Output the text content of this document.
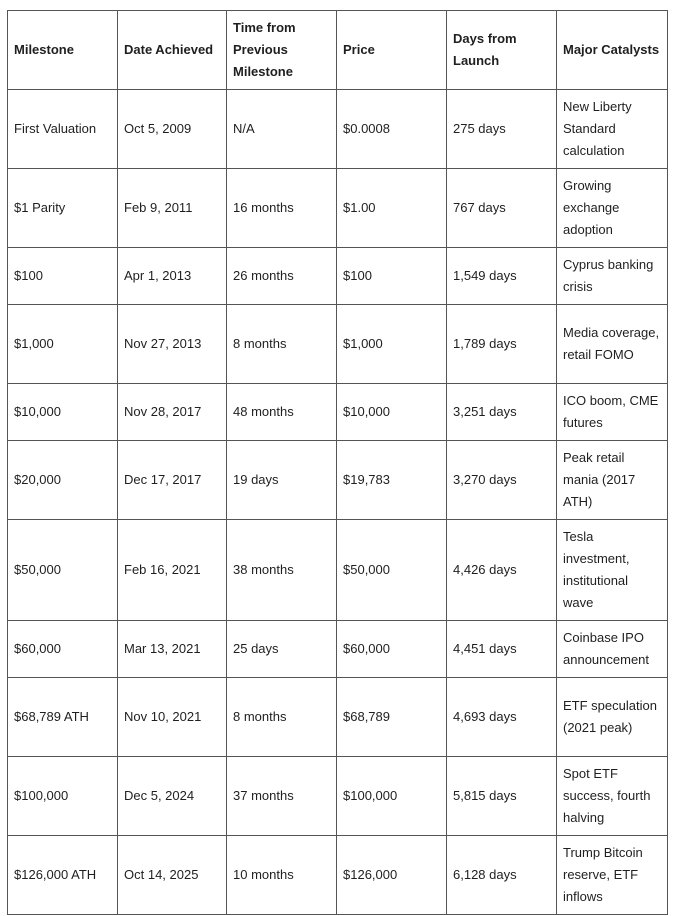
Milestone	Date Achieved	Time from Previous Milestone	Price	Days from Launch	Major Catalysts
First Valuation	Oct 5, 2009	N/A	$0.0008	275 days	New Liberty Standard calculation
$1 Parity	Feb 9, 2011	16 months	$1.00	767 days	Growing exchange adoption
$100	Apr 1, 2013	26 months	$100	1,549 days	Cyprus banking crisis
$1,000	Nov 27, 2013	8 months	$1,000	1,789 days	Media coverage, retail FOMO
$10,000	Nov 28, 2017	48 months	$10,000	3,251 days	ICO boom, CME futures
$20,000	Dec 17, 2017	19 days	$19,783	3,270 days	Peak retail mania (2017 ATH)
$50,000	Feb 16, 2021	38 months	$50,000	4,426 days	Tesla investment, institutional wave
$60,000	Mar 13, 2021	25 days	$60,000	4,451 days	Coinbase IPO announcement
$68,789 ATH	Nov 10, 2021	8 months	$68,789	4,693 days	ETF speculation (2021 peak)
$100,000	Dec 5, 2024	37 months	$100,000	5,815 days	Spot ETF success, fourth halving
$126,000 ATH	Oct 14, 2025	10 months	$126,000	6,128 days	Trump Bitcoin reserve, ETF inflows
